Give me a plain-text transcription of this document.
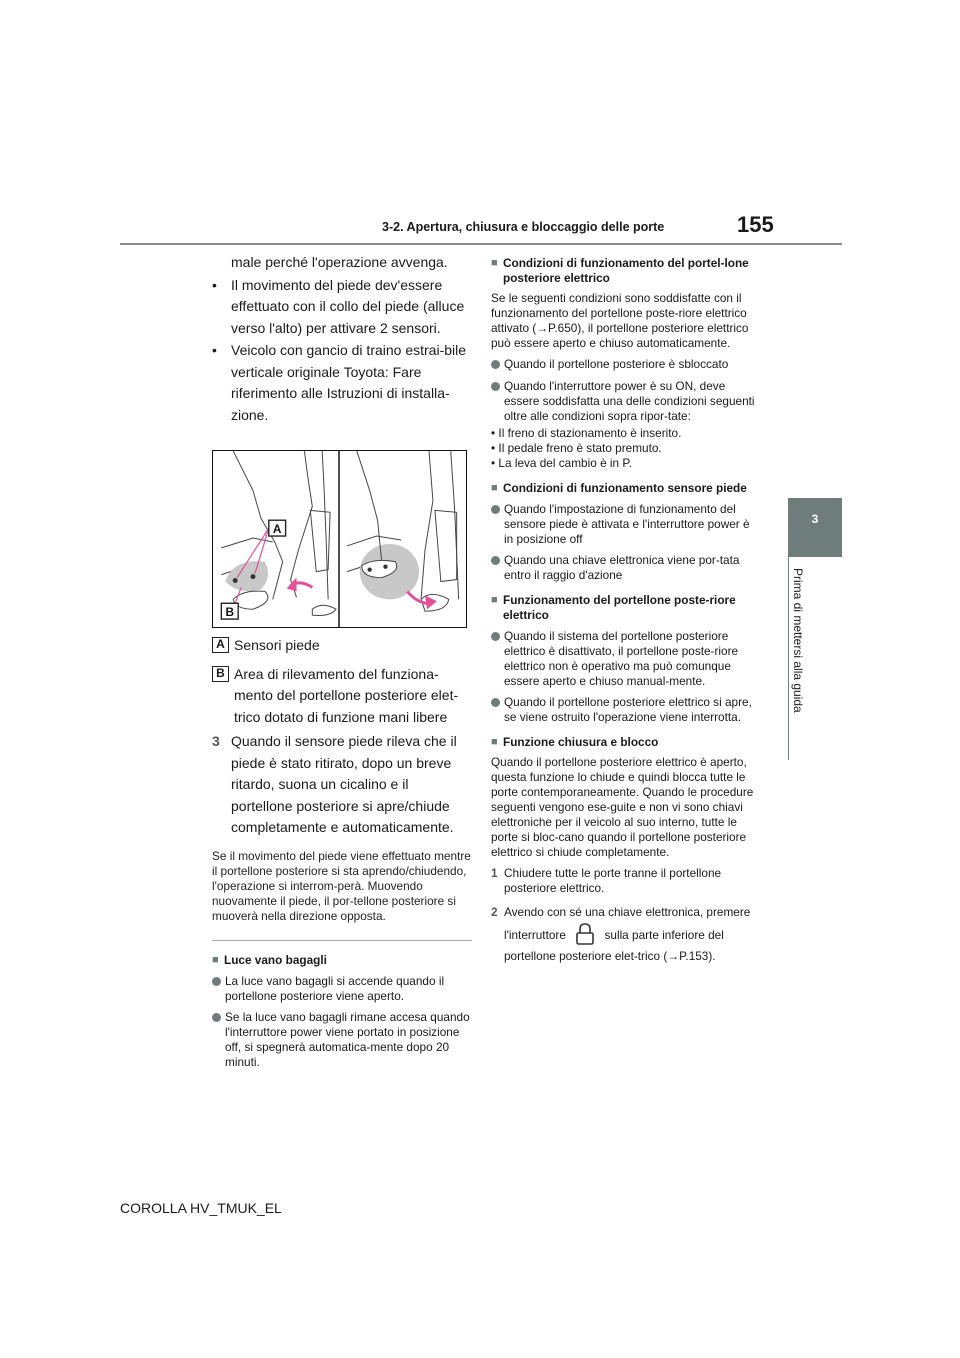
3-2. Apertura, chiusura e bloccaggio delle porte	155
3
Prima di mettersi alla guida
male perché l'operazione avvenga.
•	Il movimento del piede dev'essere effettuato con il collo del piede (alluce verso l'alto) per attivare 2 sensori.
•	Veicolo con gancio di traino estrai-bile verticale originale Toyota: Fare riferimento alle Istruzioni di installa-zione.
A
B
A Sensori piede
B Area di rilevamento del funziona-mento del portellone posteriore elet-trico dotato di funzione mani libere
3 Quando il sensore piede rileva che il piede è stato ritirato, dopo un breve ritardo, suona un cicalino e il portellone posteriore si apre/chiude completamente e automaticamente.
Se il movimento del piede viene effettuato mentre il portellone posteriore si sta aprendo/chiudendo, l'operazione si interrom-perà. Muovendo nuovamente il piede, il por-tellone posteriore si muoverà nella direzione opposta.
■ Luce vano bagagli
La luce vano bagagli si accende quando il portellone posteriore viene aperto.
Se la luce vano bagagli rimane accesa quando l'interruttore power viene portato in posizione off, si spegnerà automatica-mente dopo 20 minuti.
■ Condizioni di funzionamento del portel-lone posteriore elettrico
Se le seguenti condizioni sono soddisfatte con il funzionamento del portellone poste-riore elettrico attivato (→P.650), il portellone posteriore elettrico può essere aperto e chiuso automaticamente.
Quando il portellone posteriore è sbloccato
Quando l'interruttore power è su ON, deve essere soddisfatta una delle condizioni seguenti oltre alle condizioni sopra ripor-tate:
• Il freno di stazionamento è inserito.
• Il pedale freno è stato premuto.
• La leva del cambio è in P.
■ Condizioni di funzionamento sensore piede
Quando l'impostazione di funzionamento del sensore piede è attivata e l'interruttore power è in posizione off
Quando una chiave elettronica viene por-tata entro il raggio d'azione
■ Funzionamento del portellone poste-riore elettrico
Quando il sistema del portellone posteriore elettrico è disattivato, il portellone poste-riore elettrico non è operativo ma può comunque essere aperto e chiuso manual-mente.
Quando il portellone posteriore elettrico si apre, se viene ostruito l'operazione viene interrotta.
■ Funzione chiusura e blocco
Quando il portellone posteriore elettrico è aperto, questa funzione lo chiude e quindi blocca tutte le porte contemporaneamente. Quando le procedure seguenti vengono ese-guite e non vi sono chiavi elettroniche per il veicolo al suo interno, tutte le porte si bloc-cano quando il portellone posteriore elettrico si chiude completamente.
1 Chiudere tutte le porte tranne il portellone posteriore elettrico.
2 Avendo con sé una chiave elettronica, premere l'interruttore	sulla parte inferiore del portellone posteriore elet-trico (→P.153).
COROLLA HV_TMUK_EL
